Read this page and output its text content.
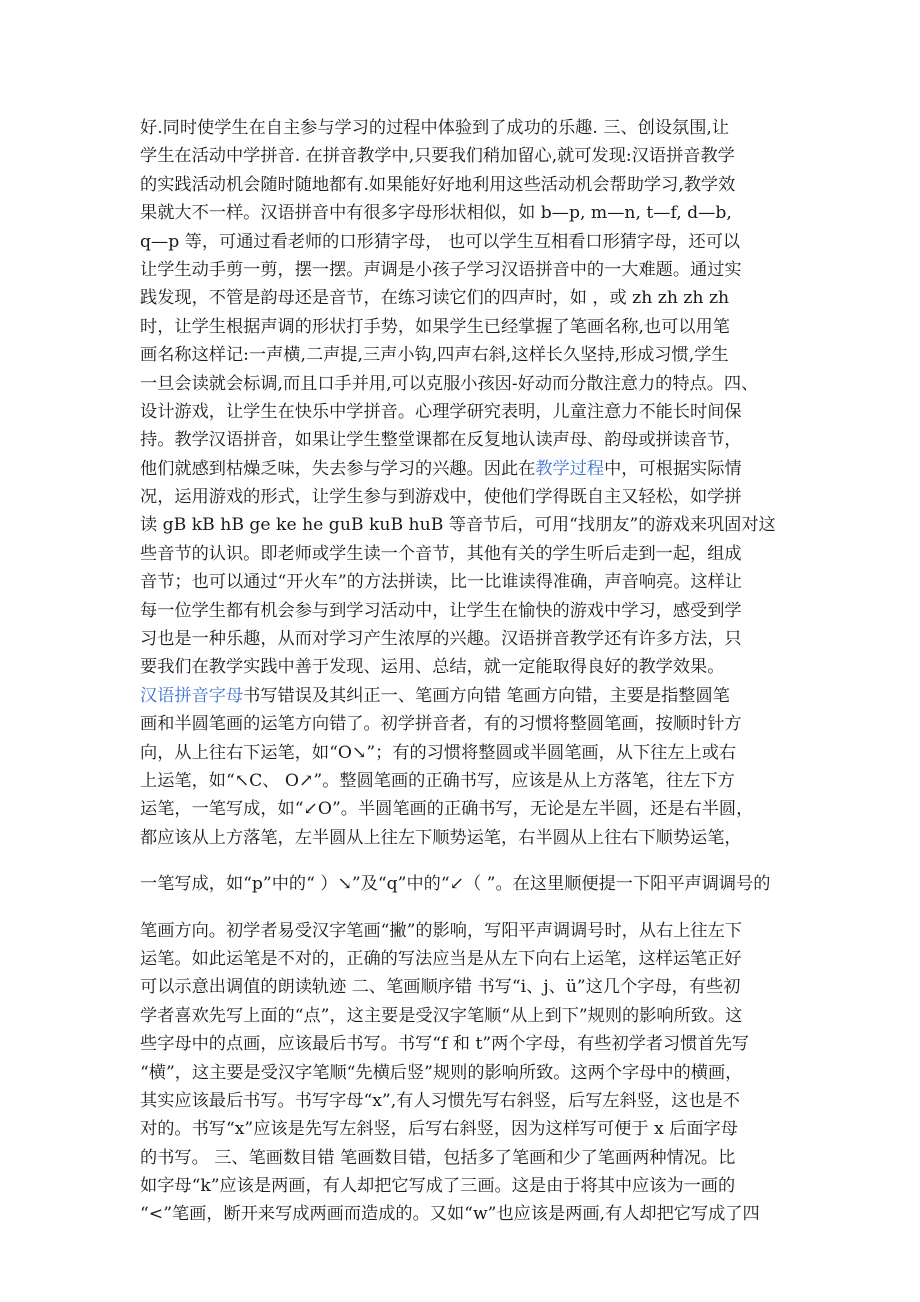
好.同时使学生在自主参与学习的过程中体验到了成功的乐趣. 三、创设氛围,让
学生在活动中学拼音. 在拼音教学中,只要我们稍加留心,就可发现:汉语拼音教学
的实践活动机会随时随地都有.如果能好好地利用这些活动机会帮助学习,教学效
果就大不一样。汉语拼音中有很多字母形状相似，如 b—p, m—n, t—f, d—b,
q—p 等，可通过看老师的口形猜字母， 也可以学生互相看口形猜字母，还可以
让学生动手剪一剪，摆一摆。声调是小孩子学习汉语拼音中的一大难题。通过实
践发现，不管是韵母还是音节，在练习读它们的四声时，如 ，或 zh zh zh zh
时，让学生根据声调的形状打手势，如果学生已经掌握了笔画名称,也可以用笔
画名称这样记:一声横,二声提,三声小钩,四声右斜,这样长久坚持,形成习惯,学生
一旦会读就会标调,而且口手并用,可以克服小孩因-好动而分散注意力的特点。四、
设计游戏，让学生在快乐中学拼音。心理学研究表明，儿童注意力不能长时间保
持。教学汉语拼音，如果让学生整堂课都在反复地认读声母、韵母或拼读音节，
他们就感到枯燥乏味，失去参与学习的兴趣。因此在教学过程中，可根据实际情
况，运用游戏的形式，让学生参与到游戏中，使他们学得既自主又轻松，如学拼
读 gB kB hB ge ke he guB kuB huB 等音节后，可用“找朋友”的游戏来巩固对这
些音节的认识。即老师或学生读一个音节，其他有关的学生听后走到一起，组成
音节；也可以通过“开火车”的方法拼读，比一比谁读得准确，声音响亮。这样让
每一位学生都有机会参与到学习活动中，让学生在愉快的游戏中学习，感受到学
习也是一种乐趣，从而对学习产生浓厚的兴趣。汉语拼音教学还有许多方法，只
要我们在教学实践中善于发现、运用、总结，就一定能取得良好的教学效果。
汉语拼音字母书写错误及其纠正一、笔画方向错 笔画方向错，主要是指整圆笔
画和半圆笔画的运笔方向错了。初学拼音者，有的习惯将整圆笔画，按顺时针方
向，从上往右下运笔，如“O↘”；有的习惯将整圆或半圆笔画，从下往左上或右
上运笔，如“↖C、 O↗”。整圆笔画的正确书写，应该是从上方落笔，往左下方
运笔，一笔写成，如“↙O”。半圆笔画的正确书写，无论是左半圆，还是右半圆，
都应该从上方落笔，左半圆从上往左下顺势运笔，右半圆从上往右下顺势运笔，
一笔写成，如“p”中的“ ）↘”及“q”中的“↙（ ”。在这里顺便提一下阳平声调调号的
笔画方向。初学者易受汉字笔画“撇”的影响，写阳平声调调号时，从右上往左下
运笔。如此运笔是不对的，正确的写法应当是从左下向右上运笔，这样运笔正好
可以示意出调值的朗读轨迹 二、笔画顺序错 书写“i、j、ü”这几个字母，有些初
学者喜欢先写上面的“点”，这主要是受汉字笔顺“从上到下”规则的影响所致。这
些字母中的点画，应该最后书写。书写“f 和 t”两个字母，有些初学者习惯首先写
“横”，这主要是受汉字笔顺“先横后竖”规则的影响所致。这两个字母中的横画，
其实应该最后书写。书写字母“x”,有人习惯先写右斜竖，后写左斜竖，这也是不
对的。书写“x”应该是先写左斜竖，后写右斜竖，因为这样写可便于 x 后面字母
的书写。 三、笔画数目错 笔画数目错，包括多了笔画和少了笔画两种情况。比
如字母“k”应该是两画，有人却把它写成了三画。这是由于将其中应该为一画的
“<”笔画，断开来写成两画而造成的。又如“w”也应该是两画,有人却把它写成了四
